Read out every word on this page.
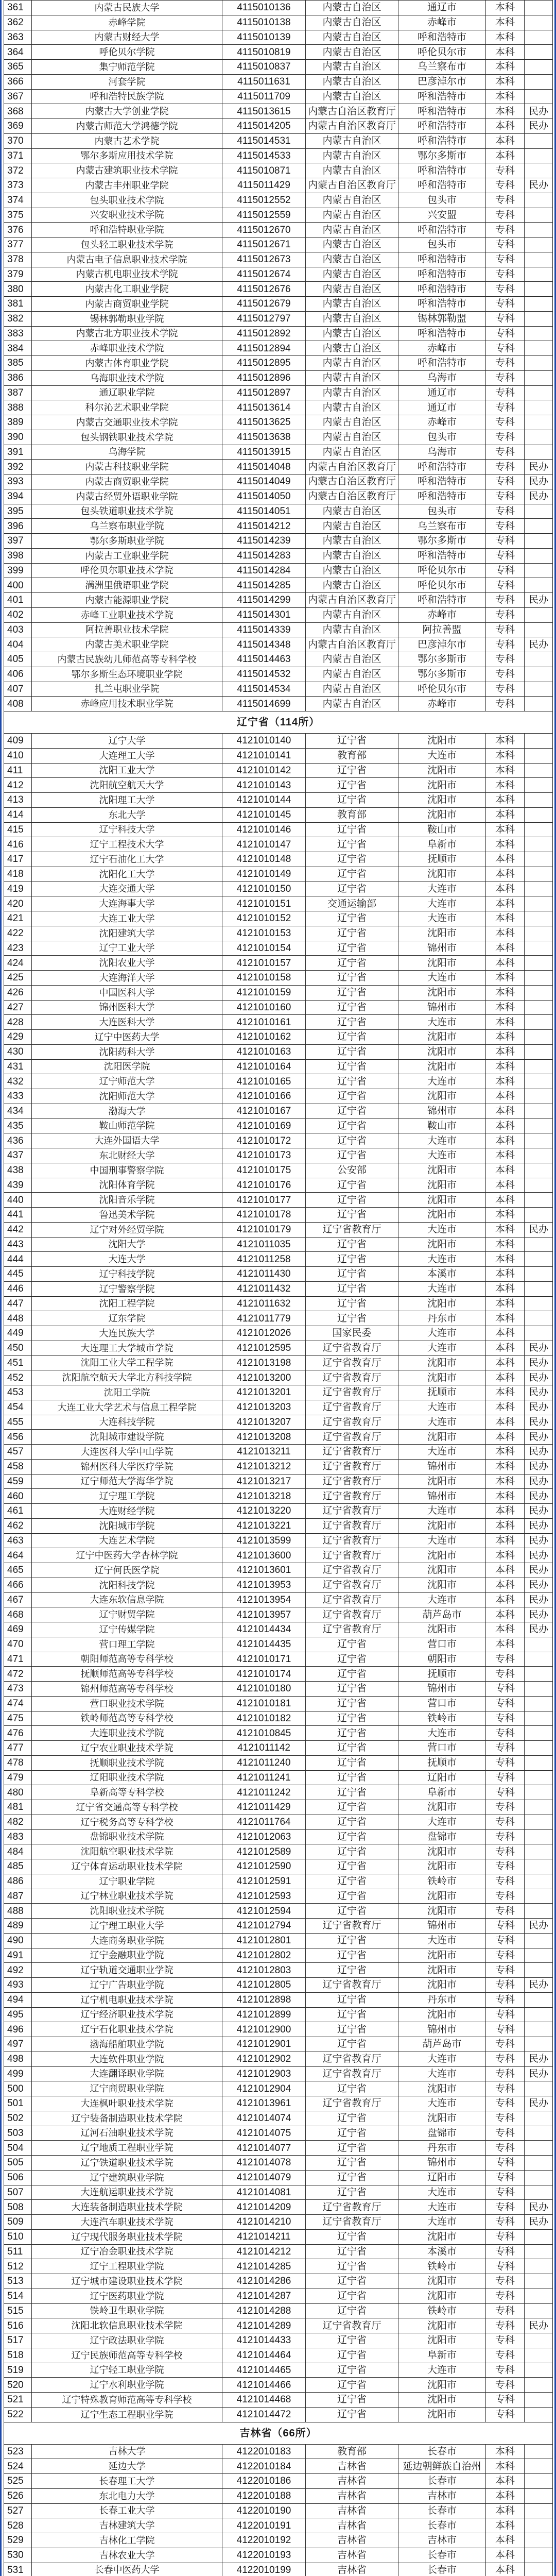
361	内蒙古民族大学	4115010136	内蒙古自治区	通辽市	本科	
362	赤峰学院	4115010138	内蒙古自治区	赤峰市	本科	
363	内蒙古财经大学	4115010139	内蒙古自治区	呼和浩特市	本科	
364	呼伦贝尔学院	4115010819	内蒙古自治区	呼伦贝尔市	本科	
365	集宁师范学院	4115010837	内蒙古自治区	乌兰察布市	本科	
366	河套学院	4115011631	内蒙古自治区	巴彦淖尔市	本科	
367	呼和浩特民族学院	4115011709	内蒙古自治区	呼和浩特市	本科	
368	内蒙古大学创业学院	4115013615	内蒙古自治区教育厅	呼和浩特市	本科	民办
369	内蒙古师范大学鸿德学院	4115014205	内蒙古自治区教育厅	呼和浩特市	本科	民办
370	内蒙古艺术学院	4115014531	内蒙古自治区	呼和浩特市	本科	
371	鄂尔多斯应用技术学院	4115014533	内蒙古自治区	鄂尔多斯市	本科	
372	内蒙古建筑职业技术学院	4115010871	内蒙古自治区	呼和浩特市	专科	
373	内蒙古丰州职业学院	4115011429	内蒙古自治区教育厅	呼和浩特市	专科	民办
374	包头职业技术学院	4115012552	内蒙古自治区	包头市	专科	
375	兴安职业技术学院	4115012559	内蒙古自治区	兴安盟	专科	
376	呼和浩特职业学院	4115012670	内蒙古自治区	呼和浩特市	专科	
377	包头轻工职业技术学院	4115012671	内蒙古自治区	包头市	专科	
378	内蒙古电子信息职业技术学院	4115012673	内蒙古自治区	呼和浩特市	专科	
379	内蒙古机电职业技术学院	4115012674	内蒙古自治区	呼和浩特市	专科	
380	内蒙古化工职业学院	4115012676	内蒙古自治区	呼和浩特市	专科	
381	内蒙古商贸职业学院	4115012679	内蒙古自治区	呼和浩特市	专科	
382	锡林郭勒职业学院	4115012797	内蒙古自治区	锡林郭勒盟	专科	
383	内蒙古北方职业技术学院	4115012892	内蒙古自治区	呼和浩特市	专科	
384	赤峰职业技术学院	4115012894	内蒙古自治区	赤峰市	专科	
385	内蒙古体育职业学院	4115012895	内蒙古自治区	呼和浩特市	专科	
386	乌海职业技术学院	4115012896	内蒙古自治区	乌海市	专科	
387	通辽职业学院	4115012897	内蒙古自治区	通辽市	专科	
388	科尔沁艺术职业学院	4115013614	内蒙古自治区	通辽市	专科	
389	内蒙古交通职业技术学院	4115013625	内蒙古自治区	赤峰市	专科	
390	包头钢铁职业技术学院	4115013638	内蒙古自治区	包头市	专科	
391	乌海学院	4115013915	内蒙古自治区	乌海市	专科	
392	内蒙古科技职业学院	4115014048	内蒙古自治区教育厅	呼和浩特市	专科	民办
393	内蒙古商贸职业学院	4115014049	内蒙古自治区教育厅	呼和浩特市	专科	民办
394	内蒙古经贸外语职业学院	4115014050	内蒙古自治区教育厅	呼和浩特市	专科	民办
395	包头铁道职业技术学院	4115014051	内蒙古自治区	包头市	专科	
396	乌兰察布职业学院	4115014212	内蒙古自治区	乌兰察布市	专科	
397	鄂尔多斯职业学院	4115014239	内蒙古自治区	鄂尔多斯市	专科	
398	内蒙古工业职业学院	4115014283	内蒙古自治区	呼和浩特市	专科	
399	呼伦贝尔职业技术学院	4115014284	内蒙古自治区	呼伦贝尔市	专科	
400	满洲里俄语职业学院	4115014285	内蒙古自治区	呼伦贝尔市	专科	
401	内蒙古能源职业学院	4115014299	内蒙古自治区教育厅	呼和浩特市	专科	民办
402	赤峰工业职业技术学院	4115014301	内蒙古自治区	赤峰市	专科	
403	阿拉善职业技术学院	4115014339	内蒙古自治区	阿拉善盟	专科	
404	内蒙古美术职业学院	4115014348	内蒙古自治区教育厅	巴彦淖尔市	专科	民办
405	内蒙古民族幼儿师范高等专科学校	4115014463	内蒙古自治区	鄂尔多斯市	专科	
406	鄂尔多斯生态环境职业学院	4115014532	内蒙古自治区	鄂尔多斯市	专科	
407	扎兰屯职业学院	4115014534	内蒙古自治区	呼伦贝尔市	专科	
408	赤峰应用技术职业学院	4115014699	内蒙古自治区	赤峰市	专科	
辽宁省（114所）						
409	辽宁大学	4121010140	辽宁省	沈阳市	本科	
410	大连理工大学	4121010141	教育部	大连市	本科	
411	沈阳工业大学	4121010142	辽宁省	沈阳市	本科	
412	沈阳航空航天大学	4121010143	辽宁省	沈阳市	本科	
413	沈阳理工大学	4121010144	辽宁省	沈阳市	本科	
414	东北大学	4121010145	教育部	沈阳市	本科	
415	辽宁科技大学	4121010146	辽宁省	鞍山市	本科	
416	辽宁工程技术大学	4121010147	辽宁省	阜新市	本科	
417	辽宁石油化工大学	4121010148	辽宁省	抚顺市	本科	
418	沈阳化工大学	4121010149	辽宁省	沈阳市	本科	
419	大连交通大学	4121010150	辽宁省	大连市	本科	
420	大连海事大学	4121010151	交通运输部	大连市	本科	
421	大连工业大学	4121010152	辽宁省	大连市	本科	
422	沈阳建筑大学	4121010153	辽宁省	沈阳市	本科	
423	辽宁工业大学	4121010154	辽宁省	锦州市	本科	
424	沈阳农业大学	4121010157	辽宁省	沈阳市	本科	
425	大连海洋大学	4121010158	辽宁省	大连市	本科	
426	中国医科大学	4121010159	辽宁省	沈阳市	本科	
427	锦州医科大学	4121010160	辽宁省	锦州市	本科	
428	大连医科大学	4121010161	辽宁省	大连市	本科	
429	辽宁中医药大学	4121010162	辽宁省	沈阳市	本科	
430	沈阳药科大学	4121010163	辽宁省	沈阳市	本科	
431	沈阳医学院	4121010164	辽宁省	沈阳市	本科	
432	辽宁师范大学	4121010165	辽宁省	大连市	本科	
433	沈阳师范大学	4121010166	辽宁省	沈阳市	本科	
434	渤海大学	4121010167	辽宁省	锦州市	本科	
435	鞍山师范学院	4121010169	辽宁省	鞍山市	本科	
436	大连外国语大学	4121010172	辽宁省	大连市	本科	
437	东北财经大学	4121010173	辽宁省	大连市	本科	
438	中国刑事警察学院	4121010175	公安部	沈阳市	本科	
439	沈阳体育学院	4121010176	辽宁省	沈阳市	本科	
440	沈阳音乐学院	4121010177	辽宁省	沈阳市	本科	
441	鲁迅美术学院	4121010178	辽宁省	沈阳市	本科	
442	辽宁对外经贸学院	4121010179	辽宁省教育厅	大连市	本科	民办
443	沈阳大学	4121011035	辽宁省	沈阳市	本科	
444	大连大学	4121011258	辽宁省	大连市	本科	
445	辽宁科技学院	4121011430	辽宁省	本溪市	本科	
446	辽宁警察学院	4121011432	辽宁省	大连市	本科	
447	沈阳工程学院	4121011632	辽宁省	沈阳市	本科	
448	辽东学院	4121011779	辽宁省	丹东市	本科	
449	大连民族大学	4121012026	国家民委	大连市	本科	
450	大连理工大学城市学院	4121012595	辽宁省教育厅	大连市	本科	民办
451	沈阳工业大学工程学院	4121013198	辽宁省教育厅	沈阳市	本科	民办
452	沈阳航空航天大学北方科技学院	4121013200	辽宁省教育厅	沈阳市	本科	民办
453	沈阳工学院	4121013201	辽宁省教育厅	抚顺市	本科	民办
454	大连工业大学艺术与信息工程学院	4121013203	辽宁省教育厅	大连市	本科	民办
455	大连科技学院	4121013207	辽宁省教育厅	大连市	本科	民办
456	沈阳城市建设学院	4121013208	辽宁省教育厅	沈阳市	本科	民办
457	大连医科大学中山学院	4121013211	辽宁省教育厅	大连市	本科	民办
458	锦州医科大学医疗学院	4121013212	辽宁省教育厅	锦州市	本科	民办
459	辽宁师范大学海华学院	4121013217	辽宁省教育厅	沈阳市	本科	民办
460	辽宁理工学院	4121013218	辽宁省教育厅	锦州市	本科	民办
461	大连财经学院	4121013220	辽宁省教育厅	大连市	本科	民办
462	沈阳城市学院	4121013221	辽宁省教育厅	沈阳市	本科	民办
463	大连艺术学院	4121013599	辽宁省教育厅	大连市	本科	民办
464	辽宁中医药大学杏林学院	4121013600	辽宁省教育厅	沈阳市	本科	民办
465	辽宁何氏医学院	4121013601	辽宁省教育厅	沈阳市	本科	民办
466	沈阳科技学院	4121013953	辽宁省教育厅	沈阳市	本科	民办
467	大连东软信息学院	4121013954	辽宁省教育厅	大连市	本科	民办
468	辽宁财贸学院	4121013957	辽宁省教育厅	葫芦岛市	本科	民办
469	辽宁传媒学院	4121014434	辽宁省教育厅	沈阳市	本科	民办
470	营口理工学院	4121014435	辽宁省	营口市	本科	
471	朝阳师范高等专科学校	4121010171	辽宁省	朝阳市	专科	
472	抚顺师范高等专科学校	4121010174	辽宁省	抚顺市	专科	
473	锦州师范高等专科学校	4121010180	辽宁省	锦州市	专科	
474	营口职业技术学院	4121010181	辽宁省	营口市	专科	
475	铁岭师范高等专科学校	4121010182	辽宁省	铁岭市	专科	
476	大连职业技术学院	4121010845	辽宁省	大连市	专科	
477	辽宁农业职业技术学院	4121011142	辽宁省	营口市	专科	
478	抚顺职业技术学院	4121011240	辽宁省	抚顺市	专科	
479	辽阳职业技术学院	4121011241	辽宁省	辽阳市	专科	
480	阜新高等专科学校	4121011242	辽宁省	阜新市	专科	
481	辽宁省交通高等专科学校	4121011429	辽宁省	沈阳市	专科	
482	辽宁税务高等专科学校	4121011764	辽宁省	大连市	专科	
483	盘锦职业技术学院	4121012063	辽宁省	盘锦市	专科	
484	沈阳航空职业技术学院	4121012589	辽宁省	沈阳市	专科	
485	辽宁体育运动职业技术学院	4121012590	辽宁省	沈阳市	专科	
486	辽宁职业学院	4121012591	辽宁省	铁岭市	专科	
487	辽宁林业职业技术学院	4121012593	辽宁省	沈阳市	专科	
488	沈阳职业技术学院	4121012594	辽宁省	沈阳市	专科	
489	辽宁理工职业大学	4121012794	辽宁省教育厅	锦州市	专科	民办
490	大连商务职业学院	4121012801	辽宁省	大连市	专科	
491	辽宁金融职业学院	4121012802	辽宁省	沈阳市	专科	
492	辽宁轨道交通职业学院	4121012803	辽宁省	沈阳市	专科	
493	辽宁广告职业学院	4121012805	辽宁省教育厅	沈阳市	专科	民办
494	辽宁机电职业技术学院	4121012898	辽宁省	丹东市	专科	
495	辽宁经济职业技术学院	4121012899	辽宁省	沈阳市	专科	
496	辽宁石化职业技术学院	4121012900	辽宁省	锦州市	专科	
497	渤海船舶职业学院	4121012901	辽宁省	葫芦岛市	专科	
498	大连软件职业学院	4121012902	辽宁省教育厅	大连市	专科	民办
499	大连翻译职业学院	4121012903	辽宁省教育厅	大连市	专科	民办
500	辽宁商贸职业学院	4121012904	辽宁省	沈阳市	专科	
501	大连枫叶职业技术学院	4121013961	辽宁省教育厅	大连市	专科	民办
502	辽宁装备制造职业技术学院	4121014074	辽宁省	沈阳市	专科	
503	辽河石油职业技术学院	4121014075	辽宁省	盘锦市	专科	
504	辽宁地质工程职业学院	4121014077	辽宁省	丹东市	专科	
505	辽宁铁道职业技术学院	4121014078	辽宁省	锦州市	专科	
506	辽宁建筑职业学院	4121014079	辽宁省	辽阳市	专科	
507	大连航运职业技术学院	4121014081	辽宁省	大连市	专科	
508	大连装备制造职业技术学院	4121014209	辽宁省教育厅	大连市	专科	民办
509	大连汽车职业技术学院	4121014210	辽宁省教育厅	大连市	专科	民办
510	辽宁现代服务职业技术学院	4121014211	辽宁省	沈阳市	专科	
511	辽宁冶金职业技术学院	4121014212	辽宁省	本溪市	专科	
512	辽宁工程职业学院	4121014285	辽宁省	铁岭市	专科	
513	辽宁城市建设职业技术学院	4121014286	辽宁省	沈阳市	专科	
514	辽宁医药职业学院	4121014287	辽宁省	沈阳市	专科	
515	铁岭卫生职业学院	4121014288	辽宁省	铁岭市	专科	
516	沈阳北软信息职业技术学院	4121014289	辽宁省教育厅	沈阳市	专科	民办
517	辽宁政法职业学院	4121014433	辽宁省	沈阳市	专科	
518	辽宁民族师范高等专科学校	4121014464	辽宁省	阜新市	专科	
519	辽宁轻工职业学院	4121014465	辽宁省	大连市	专科	
520	辽宁水利职业学院	4121014466	辽宁省	沈阳市	专科	
521	辽宁特殊教育师范高等专科学校	4121014468	辽宁省	沈阳市	专科	
522	辽宁生态工程职业学院	4121014472	辽宁省	沈阳市	专科	
吉林省（66所）						
523	吉林大学	4122010183	教育部	长春市	本科	
524	延边大学	4122010184	吉林省	延边朝鲜族自治州	本科	
525	长春理工大学	4122010186	吉林省	长春市	本科	
526	东北电力大学	4122010188	吉林省	吉林市	本科	
527	长春工业大学	4122010190	吉林省	长春市	本科	
528	吉林建筑大学	4122010191	吉林省	长春市	本科	
529	吉林化工学院	4122010192	吉林省	吉林市	本科	
530	吉林农业大学	4122010193	吉林省	长春市	本科	
531	长春中医药大学	4122010199	吉林省	长春市	本科	
